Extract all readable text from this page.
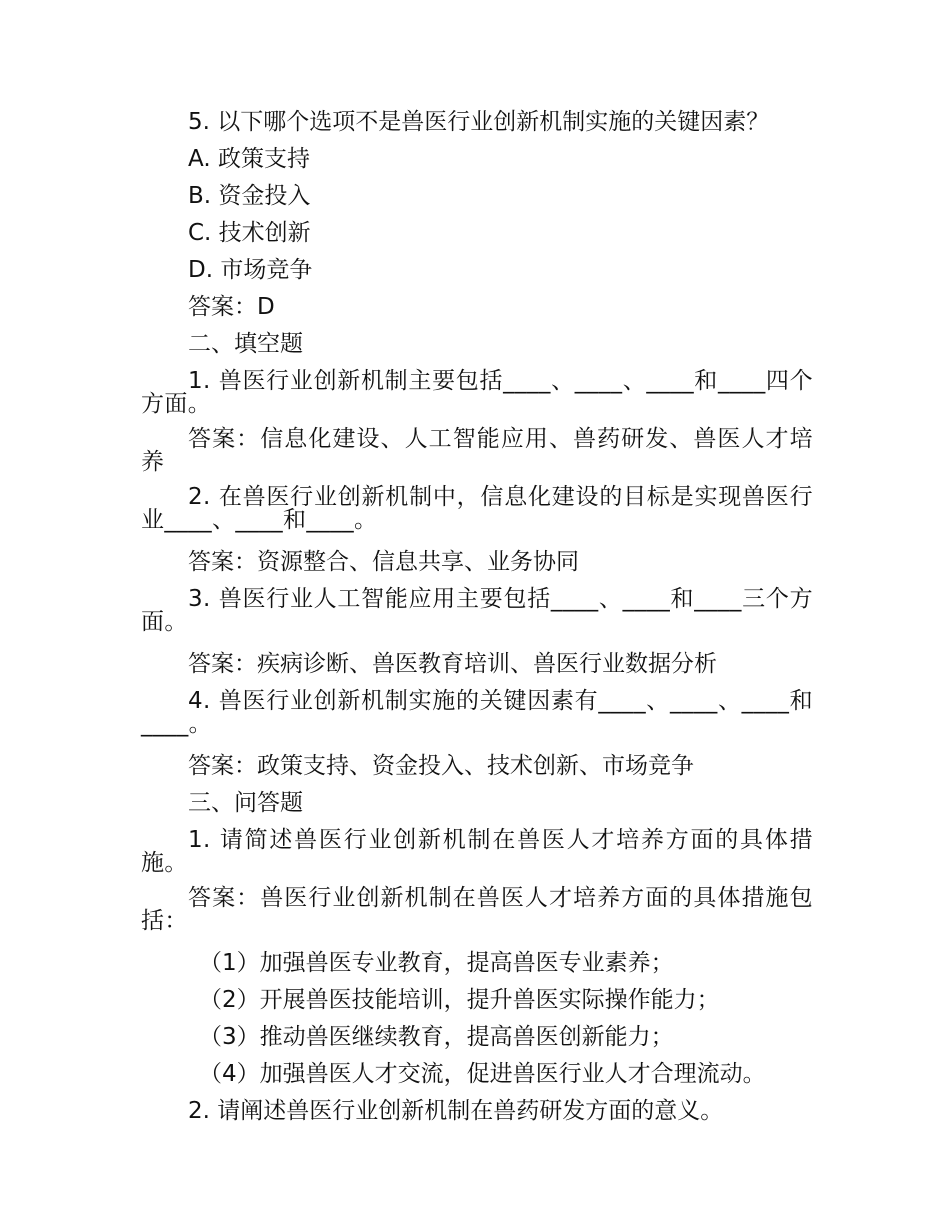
5. 以下哪个选项不是兽医行业创新机制实施的关键因素？
A. 政策支持
B. 资金投入
C. 技术创新
D. 市场竞争
答案：D
二、填空题
1. 兽医行业创新机制主要包括____、____、____和____四个方面。
答案：信息化建设、人工智能应用、兽药研发、兽医人才培养
2. 在兽医行业创新机制中，信息化建设的目标是实现兽医行业____、____和____。
答案：资源整合、信息共享、业务协同
3. 兽医行业人工智能应用主要包括____、____和____三个方面。
答案：疾病诊断、兽医教育培训、兽医行业数据分析
4. 兽医行业创新机制实施的关键因素有____、____、____和____。
答案：政策支持、资金投入、技术创新、市场竞争
三、问答题
1. 请简述兽医行业创新机制在兽医人才培养方面的具体措施。
答案：兽医行业创新机制在兽医人才培养方面的具体措施包括：
（1）加强兽医专业教育，提高兽医专业素养；
（2）开展兽医技能培训，提升兽医实际操作能力；
（3）推动兽医继续教育，提高兽医创新能力；
（4）加强兽医人才交流，促进兽医行业人才合理流动。
2. 请阐述兽医行业创新机制在兽药研发方面的意义。
